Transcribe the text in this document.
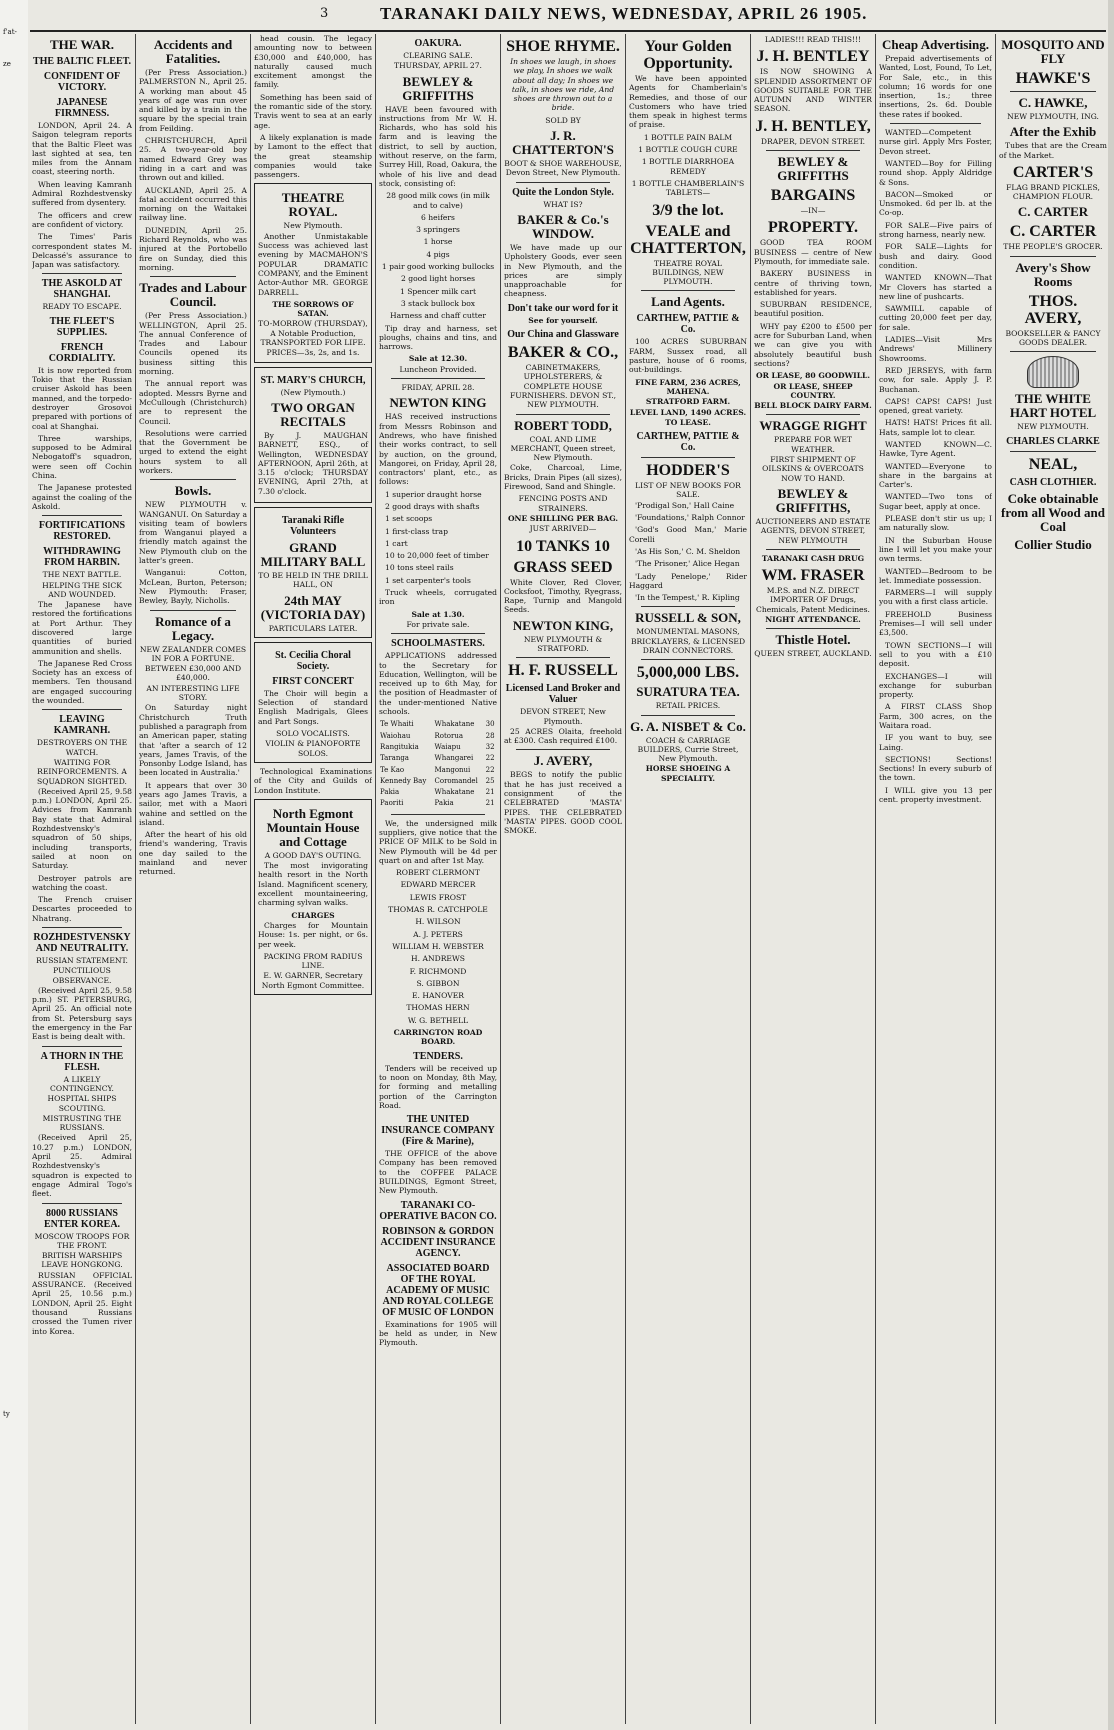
f'at-
ze
ty
3	TARANAKI DAILY NEWS, WEDNESDAY, APRIL 26 1905.

THE WAR.

THE BALTIC FLEET.

CONFIDENT OF VICTORY.

JAPANESE FIRMNESS.

LONDON, April 24. A Saigon telegram reports that the Baltic Fleet was last sighted at sea, ten miles from the Annam coast, steering north.

When leaving Kamranh Admiral Rozhdestvensky suffered from dysentery.

The officers and crew are confident of victory.

The Times' Paris correspondent states M. Delcassé's assurance to Japan was satisfactory.

THE ASKOLD AT SHANGHAI.

READY TO ESCAPE.

THE FLEET'S SUPPLIES.

FRENCH CORDIALITY.

It is now reported from Tokio that the Russian cruiser Askold has been manned, and the torpedo-destroyer Grosovoi prepared with portions of coal at Shanghai.

Three warships, supposed to be Admiral Nebogatoff's squadron, were seen off Cochin China.

The Japanese protested against the coaling of the Askold.

FORTIFICATIONS RESTORED.

WITHDRAWING FROM HARBIN.

THE NEXT BATTLE.

HELPING THE SICK AND WOUNDED.

The Japanese have restored the fortifications at Port Arthur. They discovered large quantities of buried ammunition and shells.

The Japanese Red Cross Society has an excess of members. Ten thousand are engaged succouring the wounded.

LEAVING KAMRANH.

DESTROYERS ON THE WATCH.

WAITING FOR REINFORCEMENTS. A SQUADRON SIGHTED.

(Received April 25, 9.58 p.m.) LONDON, April 25. Advices from Kamranh Bay state that Admiral Rozhdestvensky's squadron of 50 ships, including transports, sailed at noon on Saturday.

Destroyer patrols are watching the coast.

The French cruiser Descartes proceeded to Nhatrang.

ROZHDESTVENSKY AND NEUTRALITY.

RUSSIAN STATEMENT.

PUNCTILIOUS OBSERVANCE.

(Received April 25, 9.58 p.m.) ST. PETERSBURG, April 25. An official note from St. Petersburg says the emergency in the Far East is being dealt with.

A THORN IN THE FLESH.

A LIKELY CONTINGENCY.

HOSPITAL SHIPS SCOUTING.

MISTRUSTING THE RUSSIANS.

(Received April 25, 10.27 p.m.) LONDON, April 25. Admiral Rozhdestvensky's squadron is expected to engage Admiral Togo's fleet.

8000 RUSSIANS ENTER KOREA.

MOSCOW TROOPS FOR THE FRONT.

BRITISH WARSHIPS LEAVE HONGKONG.

RUSSIAN OFFICIAL ASSURANCE. (Received April 25, 10.56 p.m.) LONDON, April 25. Eight thousand Russians crossed the Tumen river into Korea.

Accidents and Fatalities.

(Per Press Association.) PALMERSTON N., April 25. A working man about 45 years of age was run over and killed by a train in the square by the special train from Feilding.

CHRISTCHURCH, April 25. A two-year-old boy named Edward Grey was riding in a cart and was thrown out and killed.

AUCKLAND, April 25. A fatal accident occurred this morning on the Waitakei railway line.

DUNEDIN, April 25. Richard Reynolds, who was injured at the Portobello fire on Sunday, died this morning.

Trades and Labour Council.

(Per Press Association.) WELLINGTON, April 25. The annual Conference of Trades and Labour Councils opened its business sitting this morning.

The annual report was adopted. Messrs Byrne and McCullough (Christchurch) are to represent the Council.

Resolutions were carried that the Government be urged to extend the eight hours system to all workers.

Bowls.

NEW PLYMOUTH v. WANGANUI. On Saturday a visiting team of bowlers from Wanganui played a friendly match against the New Plymouth club on the latter's green.

Wanganui: Cotton, McLean, Burton, Peterson; New Plymouth: Fraser, Bewley, Bayly, Nicholls.

Romance of a Legacy.

NEW ZEALANDER COMES IN FOR A FORTUNE.

BETWEEN £30,000 AND £40,000.

AN INTERESTING LIFE STORY.

On Saturday night Christchurch Truth published a paragraph from an American paper, stating that 'after a search of 12 years, James Travis, of the Ponsonby Lodge Island, has been located in Australia.'

It appears that over 30 years ago James Travis, a sailor, met with a Maori wahine and settled on the island.

After the heart of his old friend's wandering, Travis one day sailed to the mainland and never returned.

head cousin. The legacy amounting now to between £30,000 and £40,000, has naturally caused much excitement amongst the family.

Something has been said of the romantic side of the story. Travis went to sea at an early age.

A likely explanation is made by Lamont to the effect that the great steamship companies would take passengers.

THEATRE ROYAL.

New Plymouth.

Another Unmistakable Success was achieved last evening by MACMAHON'S POPULAR DRAMATIC COMPANY, and the Eminent Actor-Author MR. GEORGE DARRELL.

THE SORROWS OF SATAN.

TO-MORROW (THURSDAY), A Notable Production, TRANSPORTED FOR LIFE.

PRICES—3s, 2s, and 1s.

ST. MARY'S CHURCH,

(New Plymouth.)

TWO ORGAN RECITALS

By J. MAUGHAN BARNETT, ESQ., of Wellington, WEDNESDAY AFTERNOON, April 26th, at 3.15 o'clock; THURSDAY EVENING, April 27th, at 7.30 o'clock.

Taranaki Rifle Volunteers

GRAND MILITARY BALL

TO BE HELD IN THE DRILL HALL, ON

24th MAY (VICTORIA DAY)

PARTICULARS LATER.

St. Cecilia Choral Society.

FIRST CONCERT

The Choir will begin a Selection of standard English Madrigals, Glees and Part Songs.

SOLO VOCALISTS.

VIOLIN & PIANOFORTE SOLOS.

Technological Examinations of the City and Guilds of London Institute.

North Egmont Mountain House and Cottage

A GOOD DAY'S OUTING.

The most invigorating health resort in the North Island. Magnificent scenery, excellent mountaineering, charming sylvan walks.

CHARGES

Charges for Mountain House: 1s. per night, or 6s. per week.

PACKING FROM RADIUS LINE.

E. W. GARNER, Secretary North Egmont Committee.

OAKURA.

CLEARING SALE.

THURSDAY, APRIL 27.

BEWLEY & GRIFFITHS

HAVE been favoured with instructions from Mr W. H. Richards, who has sold his farm and is leaving the district, to sell by auction, without reserve, on the farm, Surrey Hill, Road, Oakura, the whole of his live and dead stock, consisting of:

28 good milk cows (in milk and to calve)

6 heifers

3 springers

1 horse

4 pigs

1 pair good working bullocks

2 good light horses

1 Spencer milk cart

3 stack bullock box

Harness and chaff cutter

Tip dray and harness, set ploughs, chains and tins, and harrows.

Sale at 12.30.

Luncheon Provided.

FRIDAY, APRIL 28.

NEWTON KING

HAS received instructions from Messrs Robinson and Andrews, who have finished their works contract, to sell by auction, on the ground, Mangorei, on Friday, April 28, contractors' plant, etc., as follows:

1 superior draught horse

2 good drays with shafts

1 set scoops

1 first-class trap

1 cart

10 to 20,000 feet of timber

10 tons steel rails

1 set carpenter's tools

Truck wheels, corrugated iron

Sale at 1.30.

For private sale.

SCHOOLMASTERS.

APPLICATIONS addressed to the Secretary for Education, Wellington, will be received up to 6th May, for the position of Headmaster of the under-mentioned Native schools.

Te Whaiti	Whakatane	30
Waiohau	Rotorua	28
Rangitukia	Waiapu	32
Taranga	Whangarei	22
Te Kao	Mangonui	22
Kennedy Bay	Coromandel	25
Pakia	Whakatane	21
Paoriti	Pakia	21

We, the undersigned milk suppliers, give notice that the PRICE OF MILK to be Sold in New Plymouth will be 4d per quart on and after 1st May.

ROBERT CLERMONT

EDWARD MERCER

LEWIS FROST

THOMAS R. CATCHPOLE

H. WILSON

A. J. PETERS

WILLIAM H. WEBSTER

H. ANDREWS

F. RICHMOND

S. GIBBON

E. HANOVER

THOMAS HERN

W. G. BETHELL

CARRINGTON ROAD BOARD.

TENDERS.

Tenders will be received up to noon on Monday, 8th May, for forming and metalling portion of the Carrington Road.

THE UNITED INSURANCE COMPANY (Fire & Marine),

THE OFFICE of the above Company has been removed to the COFFEE PALACE BUILDINGS, Egmont Street, New Plymouth.

TARANAKI CO-OPERATIVE BACON CO.

ROBINSON & GORDON ACCIDENT INSURANCE AGENCY.

ASSOCIATED BOARD OF THE ROYAL ACADEMY OF MUSIC AND ROYAL COLLEGE OF MUSIC OF LONDON

Examinations for 1905 will be held as under, in New Plymouth.

SHOE RHYME.

In shoes we laugh, in shoes we play, In shoes we walk about all day; In shoes we talk, in shoes we ride, And shoes are thrown out to a bride.

SOLD BY

J. R. CHATTERTON'S

BOOT & SHOE WAREHOUSE, Devon Street, New Plymouth.

Quite the London Style.

WHAT IS?

BAKER & Co.'s WINDOW.

We have made up our Upholstery Goods, ever seen in New Plymouth, and the prices are simply unapproachable for cheapness.

Don't take our word for it

See for yourself.

Our China and Glassware

BAKER & CO.,

CABINETMAKERS, UPHOLSTERERS, & COMPLETE HOUSE FURNISHERS. DEVON ST., NEW PLYMOUTH.

ROBERT TODD,

COAL AND LIME MERCHANT, Queen street, New Plymouth.

Coke, Charcoal, Lime, Bricks, Drain Pipes (all sizes), Firewood, Sand and Shingle.

FENCING POSTS AND STRAINERS.

ONE SHILLING PER BAG.

JUST ARRIVED—

10 TANKS 10

GRASS SEED

White Clover, Red Clover, Cocksfoot, Timothy, Ryegrass, Rape, Turnip and Mangold Seeds.

NEWTON KING,

NEW PLYMOUTH & STRATFORD.

H. F. RUSSELL

Licensed Land Broker and Valuer

DEVON STREET, New Plymouth.

25 ACRES Olaita, freehold at £300. Cash required £100.

J. AVERY,

BEGS to notify the public that he has just received a consignment of the CELEBRATED 'MASTA' PIPES. THE CELEBRATED 'MASTA' PIPES. GOOD COOL SMOKE.

Your Golden Opportunity.

We have been appointed Agents for Chamberlain's Remedies, and those of our Customers who have tried them speak in highest terms of praise.

1 BOTTLE PAIN BALM

1 BOTTLE COUGH CURE

1 BOTTLE DIARRHOEA REMEDY

1 BOTTLE CHAMBERLAIN'S TABLETS—

3/9 the lot.

VEALE and CHATTERTON,

THEATRE ROYAL BUILDINGS, NEW PLYMOUTH.

Land Agents.

CARTHEW, PATTIE & Co.

100 ACRES SUBURBAN FARM, Sussex road, all pasture, house of 6 rooms, out-buildings.

FINE FARM, 236 ACRES, MAHENA.

STRATFORD FARM.

LEVEL LAND, 1490 ACRES.

TO LEASE.

CARTHEW, PATTIE & Co.

HODDER'S

LIST OF NEW BOOKS FOR SALE.

'Prodigal Son,' Hall Caine

'Foundations,' Ralph Connor

'God's Good Man,' Marie Corelli

'As His Son,' C. M. Sheldon

'The Prisoner,' Alice Hegan

'Lady Penelope,' Rider Haggard

'In the Tempest,' R. Kipling

RUSSELL & SON,

MONUMENTAL MASONS, BRICKLAYERS, & LICENSED DRAIN CONNECTORS.

5,000,000 LBS.

SURATURA TEA.

RETAIL PRICES.

G. A. NISBET & Co.

COACH & CARRIAGE BUILDERS, Currie Street, New Plymouth.

HORSE SHOEING A SPECIALITY.

LADIES!!! READ THIS!!!

J. H. BENTLEY

IS NOW SHOWING A SPLENDID ASSORTMENT OF GOODS SUITABLE FOR THE AUTUMN AND WINTER SEASON.

J. H. BENTLEY,

DRAPER, DEVON STREET.

BEWLEY & GRIFFITHS

BARGAINS

—IN—

PROPERTY.

GOOD TEA ROOM BUSINESS — centre of New Plymouth, for immediate sale.

BAKERY BUSINESS in centre of thriving town, established for years.

SUBURBAN RESIDENCE, beautiful position.

WHY pay £200 to £500 per acre for Suburban Land, when we can give you with absolutely beautiful bush sections?

OR LEASE, 80 GOODWILL.

OR LEASE, SHEEP COUNTRY.

BELL BLOCK DAIRY FARM.

WRAGGE RIGHT

PREPARE FOR WET WEATHER.

FIRST SHIPMENT OF OILSKINS & OVERCOATS NOW TO HAND.

BEWLEY & GRIFFITHS,

AUCTIONEERS AND ESTATE AGENTS, DEVON STREET, NEW PLYMOUTH

TARANAKI CASH DRUG

WM. FRASER

M.P.S. and N.Z. DIRECT IMPORTER OF Drugs, Chemicals, Patent Medicines.

NIGHT ATTENDANCE.

Thistle Hotel.

QUEEN STREET, AUCKLAND.

Cheap Advertising.

Prepaid advertisements of Wanted, Lost, Found, To Let, For Sale, etc., in this column; 16 words for one insertion, 1s.; three insertions, 2s. 6d. Double these rates if booked.

WANTED—Competent nurse girl. Apply Mrs Foster, Devon street.

WANTED—Boy for Filling round shop. Apply Aldridge & Sons.

BACON—Smoked or Unsmoked. 6d per lb. at the Co-op.

FOR SALE—Five pairs of strong harness, nearly new.

FOR SALE—Lights for bush and dairy. Good condition.

WANTED KNOWN—That Mr Clovers has started a new line of pushcarts.

SAWMILL capable of cutting 20,000 feet per day, for sale.

LADIES—Visit Mrs Andrews' Millinery Showrooms.

RED JERSEYS, with farm cow, for sale. Apply J. P. Buchanan.

CAPS! CAPS! CAPS! Just opened, great variety.

HATS! HATS! Prices fit all. Hats, sample lot to clear.

WANTED KNOWN—C. Hawke, Tyre Agent.

WANTED—Everyone to share in the bargains at Carter's.

WANTED—Two tons of Sugar beet, apply at once.

PLEASE don't stir us up; I am naturally slow.

IN the Suburban House line I will let you make your own terms.

WANTED—Bedroom to be let. Immediate possession.

FARMERS—I will supply you with a first class article.

FREEHOLD Business Premises—I will sell under £3,500.

TOWN SECTIONS—I will sell to you with a £10 deposit.

EXCHANGES—I will exchange for suburban property.

A FIRST CLASS Shop Farm, 300 acres, on the Waitara road.

IF you want to buy, see Laing.

SECTIONS! Sections! Sections! In every suburb of the town.

I WILL give you 13 per cent. property investment.

MOSQUITO AND FLY

HAWKE'S

C. HAWKE,

NEW PLYMOUTH, ING.

After the Exhib

Tubes that are the Cream of the Market.

CARTER'S

FLAG BRAND PICKLES, CHAMPION FLOUR.

C. CARTER

C. CARTER

THE PEOPLE'S GROCER.

Avery's Show Rooms

THOS. AVERY,

BOOKSELLER & FANCY GOODS DEALER.

THE WHITE HART HOTEL

NEW PLYMOUTH.

CHARLES CLARKE

NEAL,

CASH CLOTHIER.

Coke obtainable from all Wood and Coal

Collier Studio
